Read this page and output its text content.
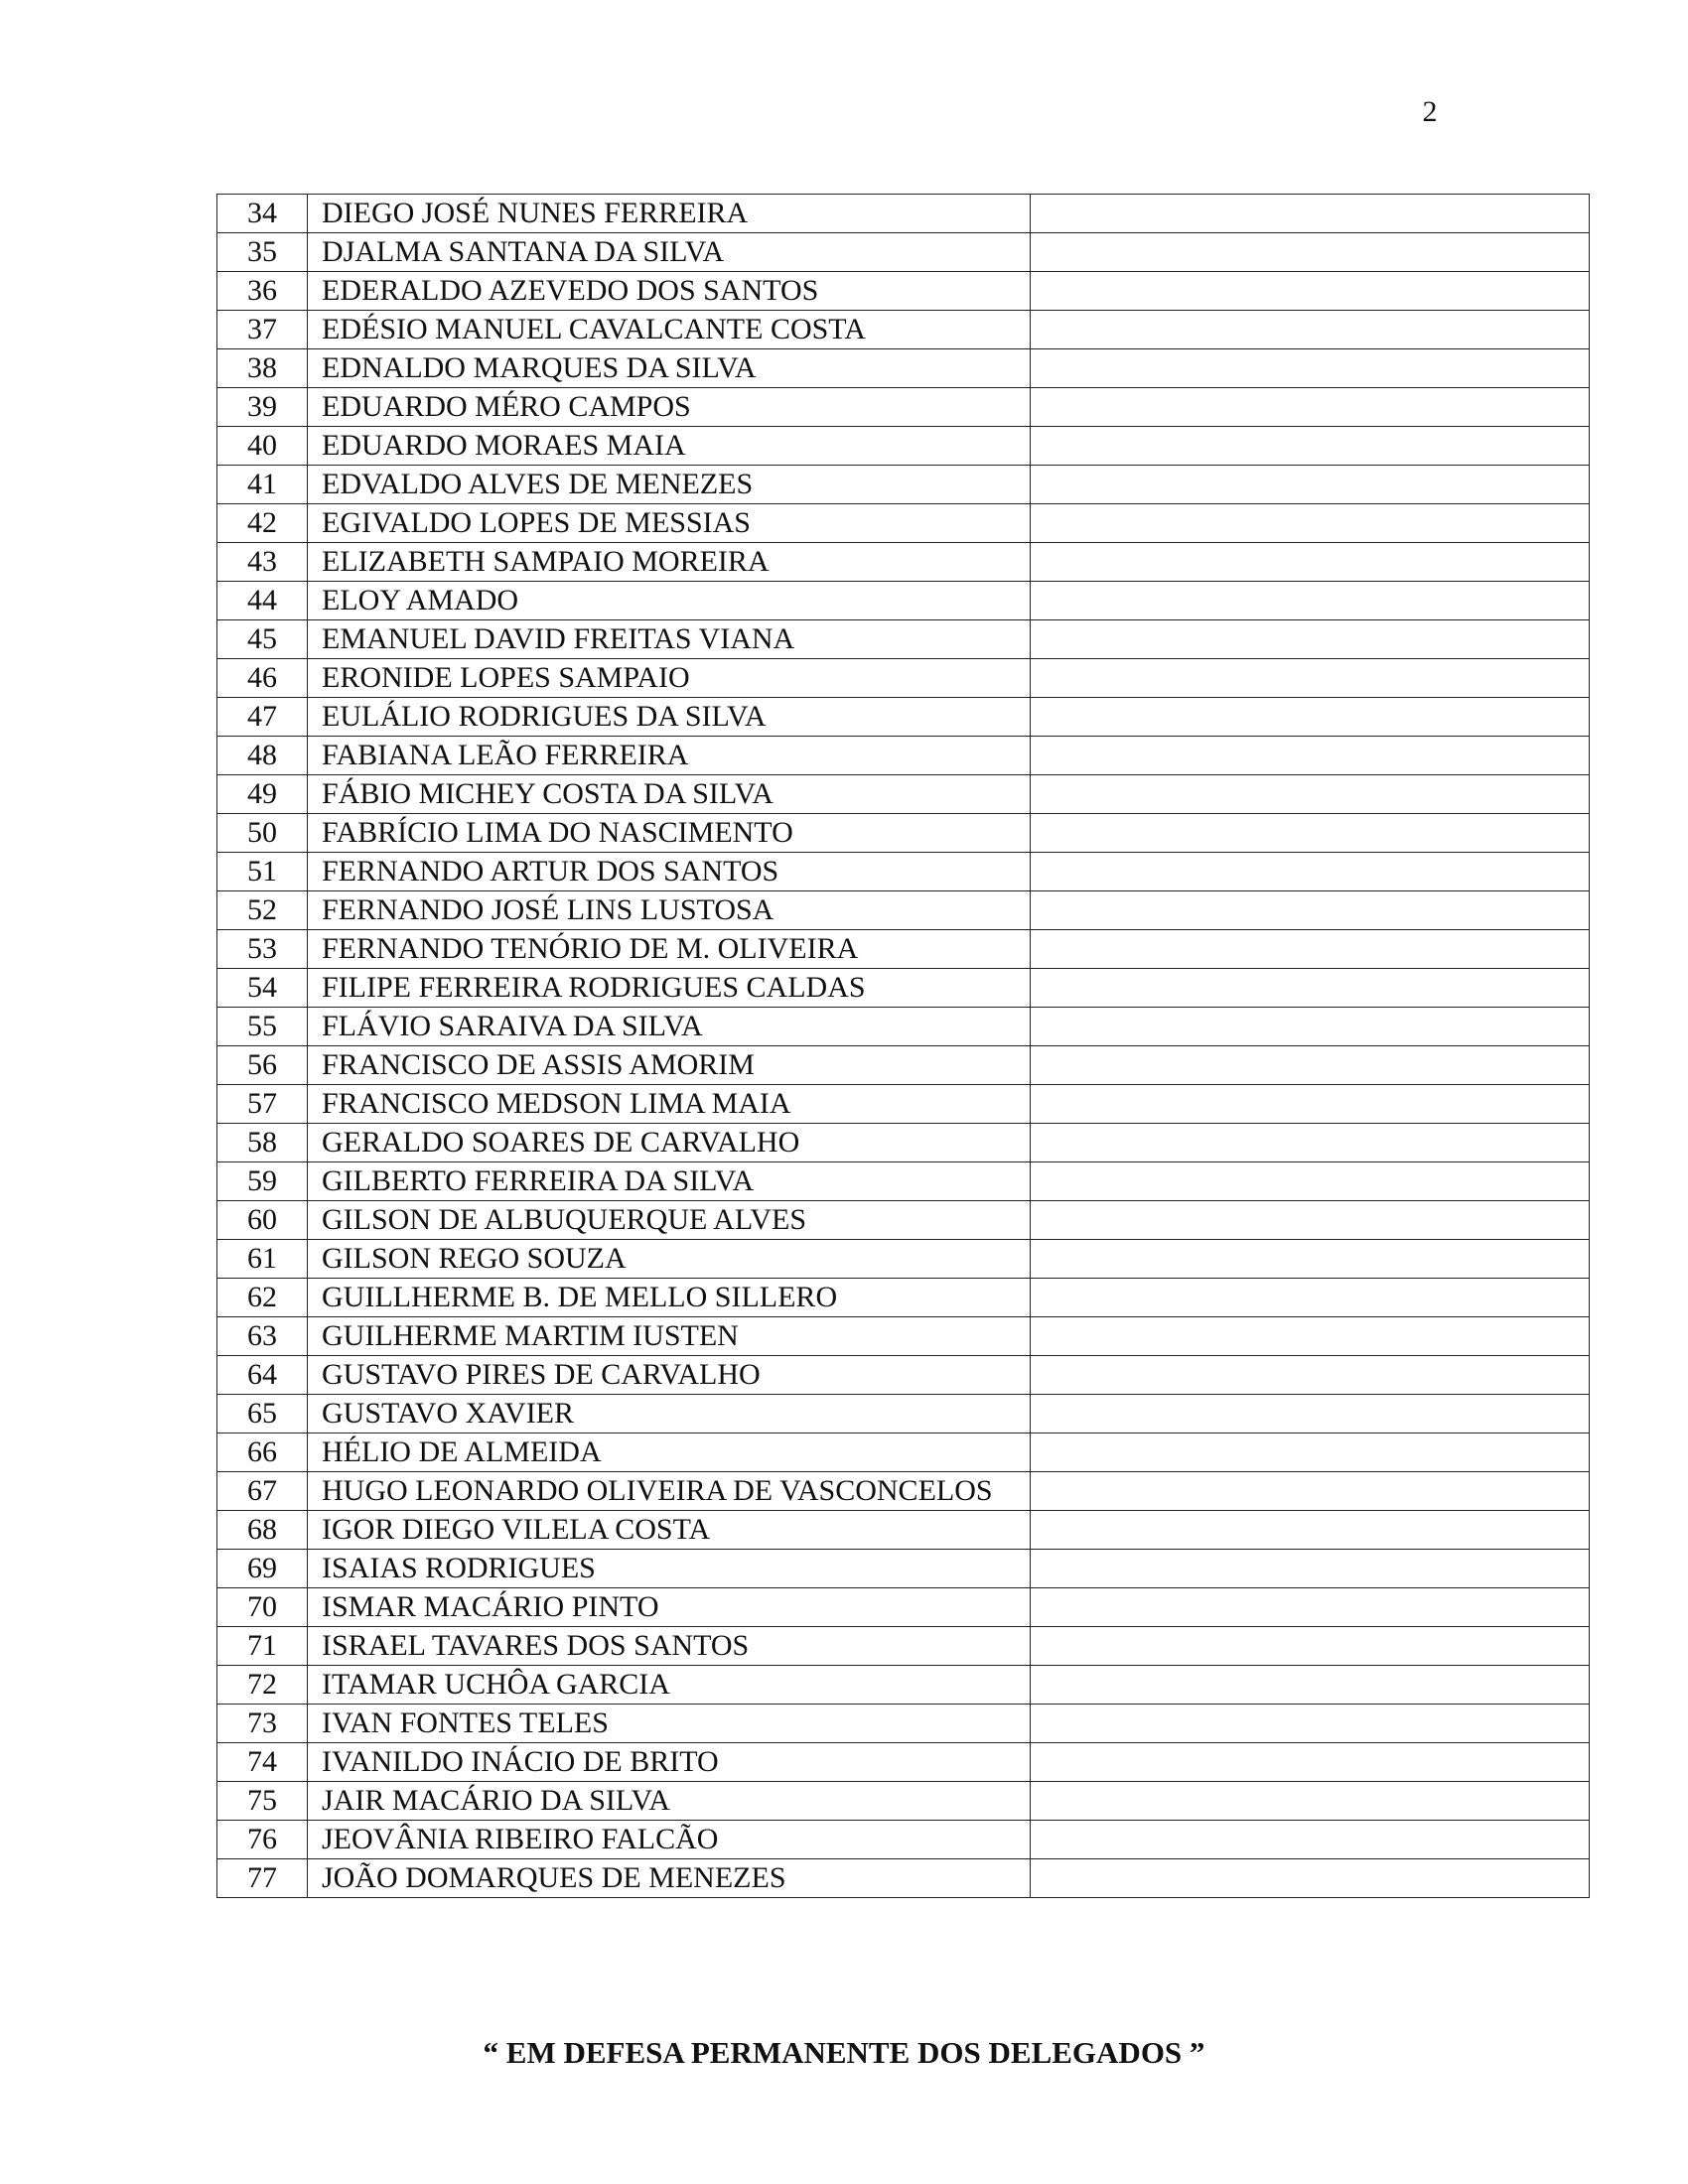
2
34	DIEGO JOSÉ NUNES FERREIRA	
35	DJALMA SANTANA DA SILVA	
36	EDERALDO AZEVEDO DOS SANTOS	
37	EDÉSIO MANUEL CAVALCANTE COSTA	
38	EDNALDO MARQUES DA SILVA	
39	EDUARDO MÉRO CAMPOS	
40	EDUARDO MORAES MAIA	
41	EDVALDO ALVES DE MENEZES	
42	EGIVALDO LOPES DE MESSIAS	
43	ELIZABETH SAMPAIO MOREIRA	
44	ELOY AMADO	
45	EMANUEL DAVID FREITAS VIANA	
46	ERONIDE LOPES SAMPAIO	
47	EULÁLIO RODRIGUES DA SILVA	
48	FABIANA LEÃO FERREIRA	
49	FÁBIO MICHEY COSTA DA SILVA	
50	FABRÍCIO LIMA DO NASCIMENTO	
51	FERNANDO ARTUR DOS SANTOS	
52	FERNANDO JOSÉ LINS LUSTOSA	
53	FERNANDO TENÓRIO DE M. OLIVEIRA	
54	FILIPE FERREIRA RODRIGUES CALDAS	
55	FLÁVIO SARAIVA DA SILVA	
56	FRANCISCO DE ASSIS AMORIM	
57	FRANCISCO MEDSON LIMA MAIA	
58	GERALDO SOARES DE CARVALHO	
59	GILBERTO FERREIRA DA SILVA	
60	GILSON DE ALBUQUERQUE ALVES	
61	GILSON REGO SOUZA	
62	GUILLHERME B. DE MELLO SILLERO	
63	GUILHERME MARTIM IUSTEN	
64	GUSTAVO PIRES DE CARVALHO	
65	GUSTAVO XAVIER	
66	HÉLIO DE ALMEIDA	
67	HUGO LEONARDO OLIVEIRA DE VASCONCELOS	
68	IGOR DIEGO VILELA COSTA	
69	ISAIAS RODRIGUES	
70	ISMAR MACÁRIO PINTO	
71	ISRAEL TAVARES DOS SANTOS	
72	ITAMAR UCHÔA GARCIA	
73	IVAN FONTES TELES	
74	IVANILDO INÁCIO DE BRITO	
75	JAIR MACÁRIO DA SILVA	
76	JEOVÂNIA RIBEIRO FALCÃO	
77	JOÃO DOMARQUES DE MENEZES	
“ EM DEFESA PERMANENTE DOS DELEGADOS ”
